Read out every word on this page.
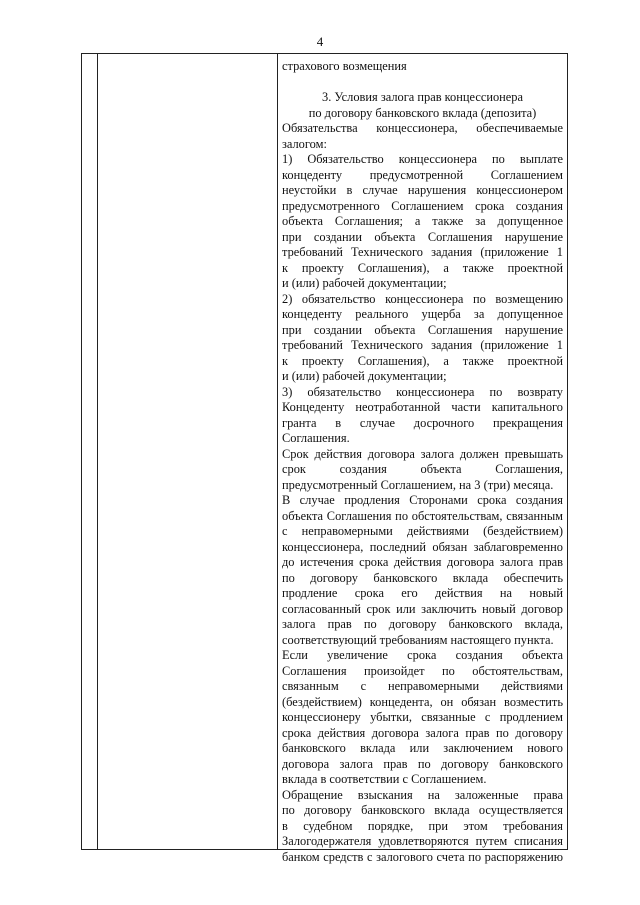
4
страхового возмещения
3. Условия залога прав концессионера
по договору банковского вклада (депозита)
Обязательства концессионера, обеспечиваемые
залогом:
1) Обязательство концессионера по выплате
концеденту предусмотренной Соглашением
неустойки в случае нарушения концессионером
предусмотренного Соглашением срока создания
объекта Соглашения; а также за допущенное
при создании объекта Соглашения нарушение
требований Технического задания (приложение 1
к проекту Соглашения), а также проектной
и (или) рабочей документации;
2) обязательство концессионера по возмещению
концеденту реального ущерба за допущенное
при создании объекта Соглашения нарушение
требований Технического задания (приложение 1
к проекту Соглашения), а также проектной
и (или) рабочей документации;
3) обязательство концессионера по возврату
Концеденту неотработанной части капитального
гранта в случае досрочного прекращения
Соглашения.
Срок действия договора залога должен превышать
срок создания объекта Соглашения,
предусмотренный Соглашением, на 3 (три) месяца.
В случае продления Сторонами срока создания
объекта Соглашения по обстоятельствам, связанным
с неправомерными действиями (бездействием)
концессионера, последний обязан заблаговременно
до истечения срока действия договора залога прав
по договору банковского вклада обеспечить
продление срока его действия на новый
согласованный срок или заключить новый договор
залога прав по договору банковского вклада,
соответствующий требованиям настоящего пункта.
Если увеличение срока создания объекта
Соглашения произойдет по обстоятельствам,
связанным с неправомерными действиями
(бездействием) концедента, он обязан возместить
концессионеру убытки, связанные с продлением
срока действия договора залога прав по договору
банковского вклада или заключением нового
договора залога прав по договору банковского
вклада в соответствии с Соглашением.
Обращение взыскания на заложенные права
по договору банковского вклада осуществляется
в судебном порядке, при этом требования
Залогодержателя удовлетворяются путем списания
банком средств с залогового счета по распоряжению
